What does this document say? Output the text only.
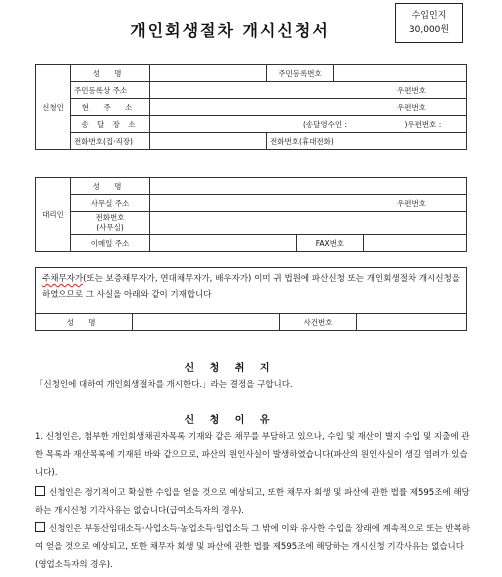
개인회생절차 개시신청서
수입인지
30,000원
신청인	성 명		주민등록번호	
	주민등록상 주소	우편번호		
	현 주 소	우편번호		
	송 달 장 소	(송달영수인 : )우편번호 :		
	전화번호(집·직장)		전화번호(휴대전화)	
대리인	성 명			
	사무실 주소	우편번호		
	전화번호
(사무실)			
	이메일 주소		FAX번호	
주채무자가(또는 보증채무자가, 연대채무자가, 배우자가) 이미 귀 법원에 파산신청 또는 개인회생절차 개시신청을 하였으므로 그 사실을 아래와 같이 기재합니다
성 명		사건번호	
신 청 취 지
「신청인에 대하여 개인회생절차를 개시한다.」라는 결정을 구합니다.
신 청 이 유
1. 신청인은, 첨부한 개인회생채권자목록 기재와 같은 채무를 부담하고 있으나, 수입 및 재산이 별지 수입 및 지출에 관한 목록과 재산목록에 기재된 바와 같으므로, 파산의 원인사실이 발생하였습니다(파산의 원인사실이 생길 염려가 있습니다).
신청인은 정기적이고 확실한 수입을 얻을 것으로 예상되고, 또한 채무자 회생 및 파산에 관한 법률 제595조에 해당하는 개시신청 기각사유는 없습니다(급여소득자의 경우).
신청인은 부동산임대소득·사업소득·농업소득·임업소득 그 밖에 이와 유사한 수입을 장래에 계속적으로 또는 반복하여 얻을 것으로 예상되고, 또한 채무자 회생 및 파산에 관한 법률 제595조에 해당하는 개시신청 기각사유는 없습니다(영업소득자의 경우).
